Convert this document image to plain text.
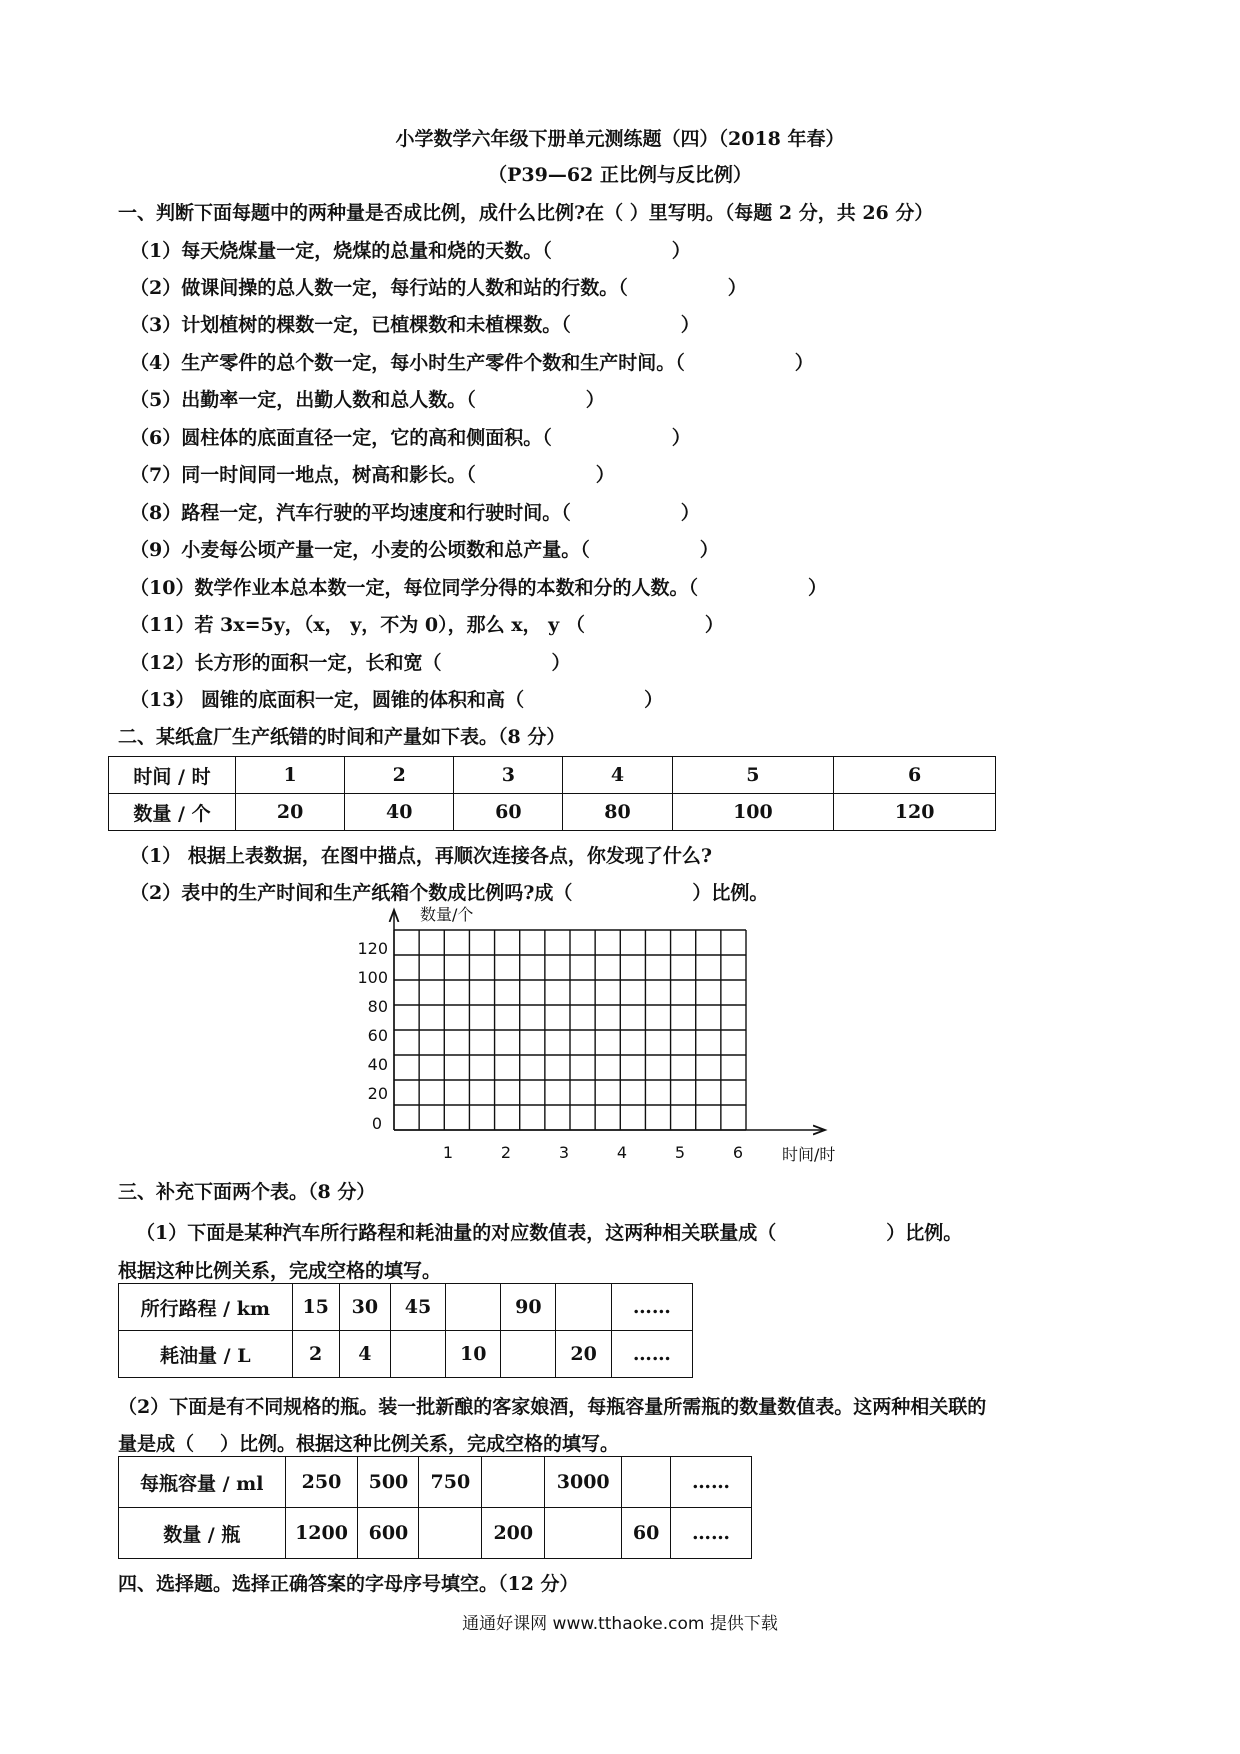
小学数学六年级下册单元测练题（四）（2018 年春）
（P39—62 正比例与反比例）
一、判断下面每题中的两种量是否成比例，成什么比例?在（ ）里写明。（每题 2 分，共 26 分）
（1）每天烧煤量一定，烧煤的总量和烧的天数。（	）
（2）做课间操的总人数一定，每行站的人数和站的行数。（	）
（3）计划植树的棵数一定，已植棵数和未植棵数。（	）
（4）生产零件的总个数一定，每小时生产零件个数和生产时间。（	）
（5）出勤率一定，出勤人数和总人数。（	）
（6）圆柱体的底面直径一定，它的高和侧面积。（	）
（7）同一时间同一地点，树高和影长。（	）
（8）路程一定，汽车行驶的平均速度和行驶时间。（	）
（9）小麦每公顷产量一定，小麦的公顷数和总产量。（	）
（10）数学作业本总本数一定，每位同学分得的本数和分的人数。（	）
（11）若 3x=5y，（x， y，不为 0），那么 x， y （	）
（12）长方形的面积一定，长和宽（	）
（13） 圆锥的底面积一定，圆锥的体积和高（	）
二、某纸盒厂生产纸错的时间和产量如下表。（8 分）
时间 / 时	1	2	3	4	5	6
数量 / 个	20	40	60	80	100	120
（1） 根据上表数据，在图中描点，再顺次连接各点，你发现了什么?
（2）表中的生产时间和生产纸箱个数成比例吗?成（	）比例。
数量/个
时间/时
120
100
80
60
40
20
0
1	2	3	4	5	6
三、补充下面两个表。（8 分）
（1）下面是某种汽车所行路程和耗油量的对应数值表，这两种相关联量成（	）比例。
根据这种比例关系，完成空格的填写。
所行路程 / km	15	30	45		90		……
耗油量 / L	2	4		10		20	……
（2）下面是有不同规格的瓶。装一批新酿的客家娘酒，每瓶容量所需瓶的数量数值表。这两种相关联的
量是成（ ）比例。根据这种比例关系，完成空格的填写。
每瓶容量 / ml	250	500	750		3000		……
数量 / 瓶	1200	600		200		60	……
四、选择题。选择正确答案的字母序号填空。（12 分）
通通好课网 www.tthaoke.com 提供下载
